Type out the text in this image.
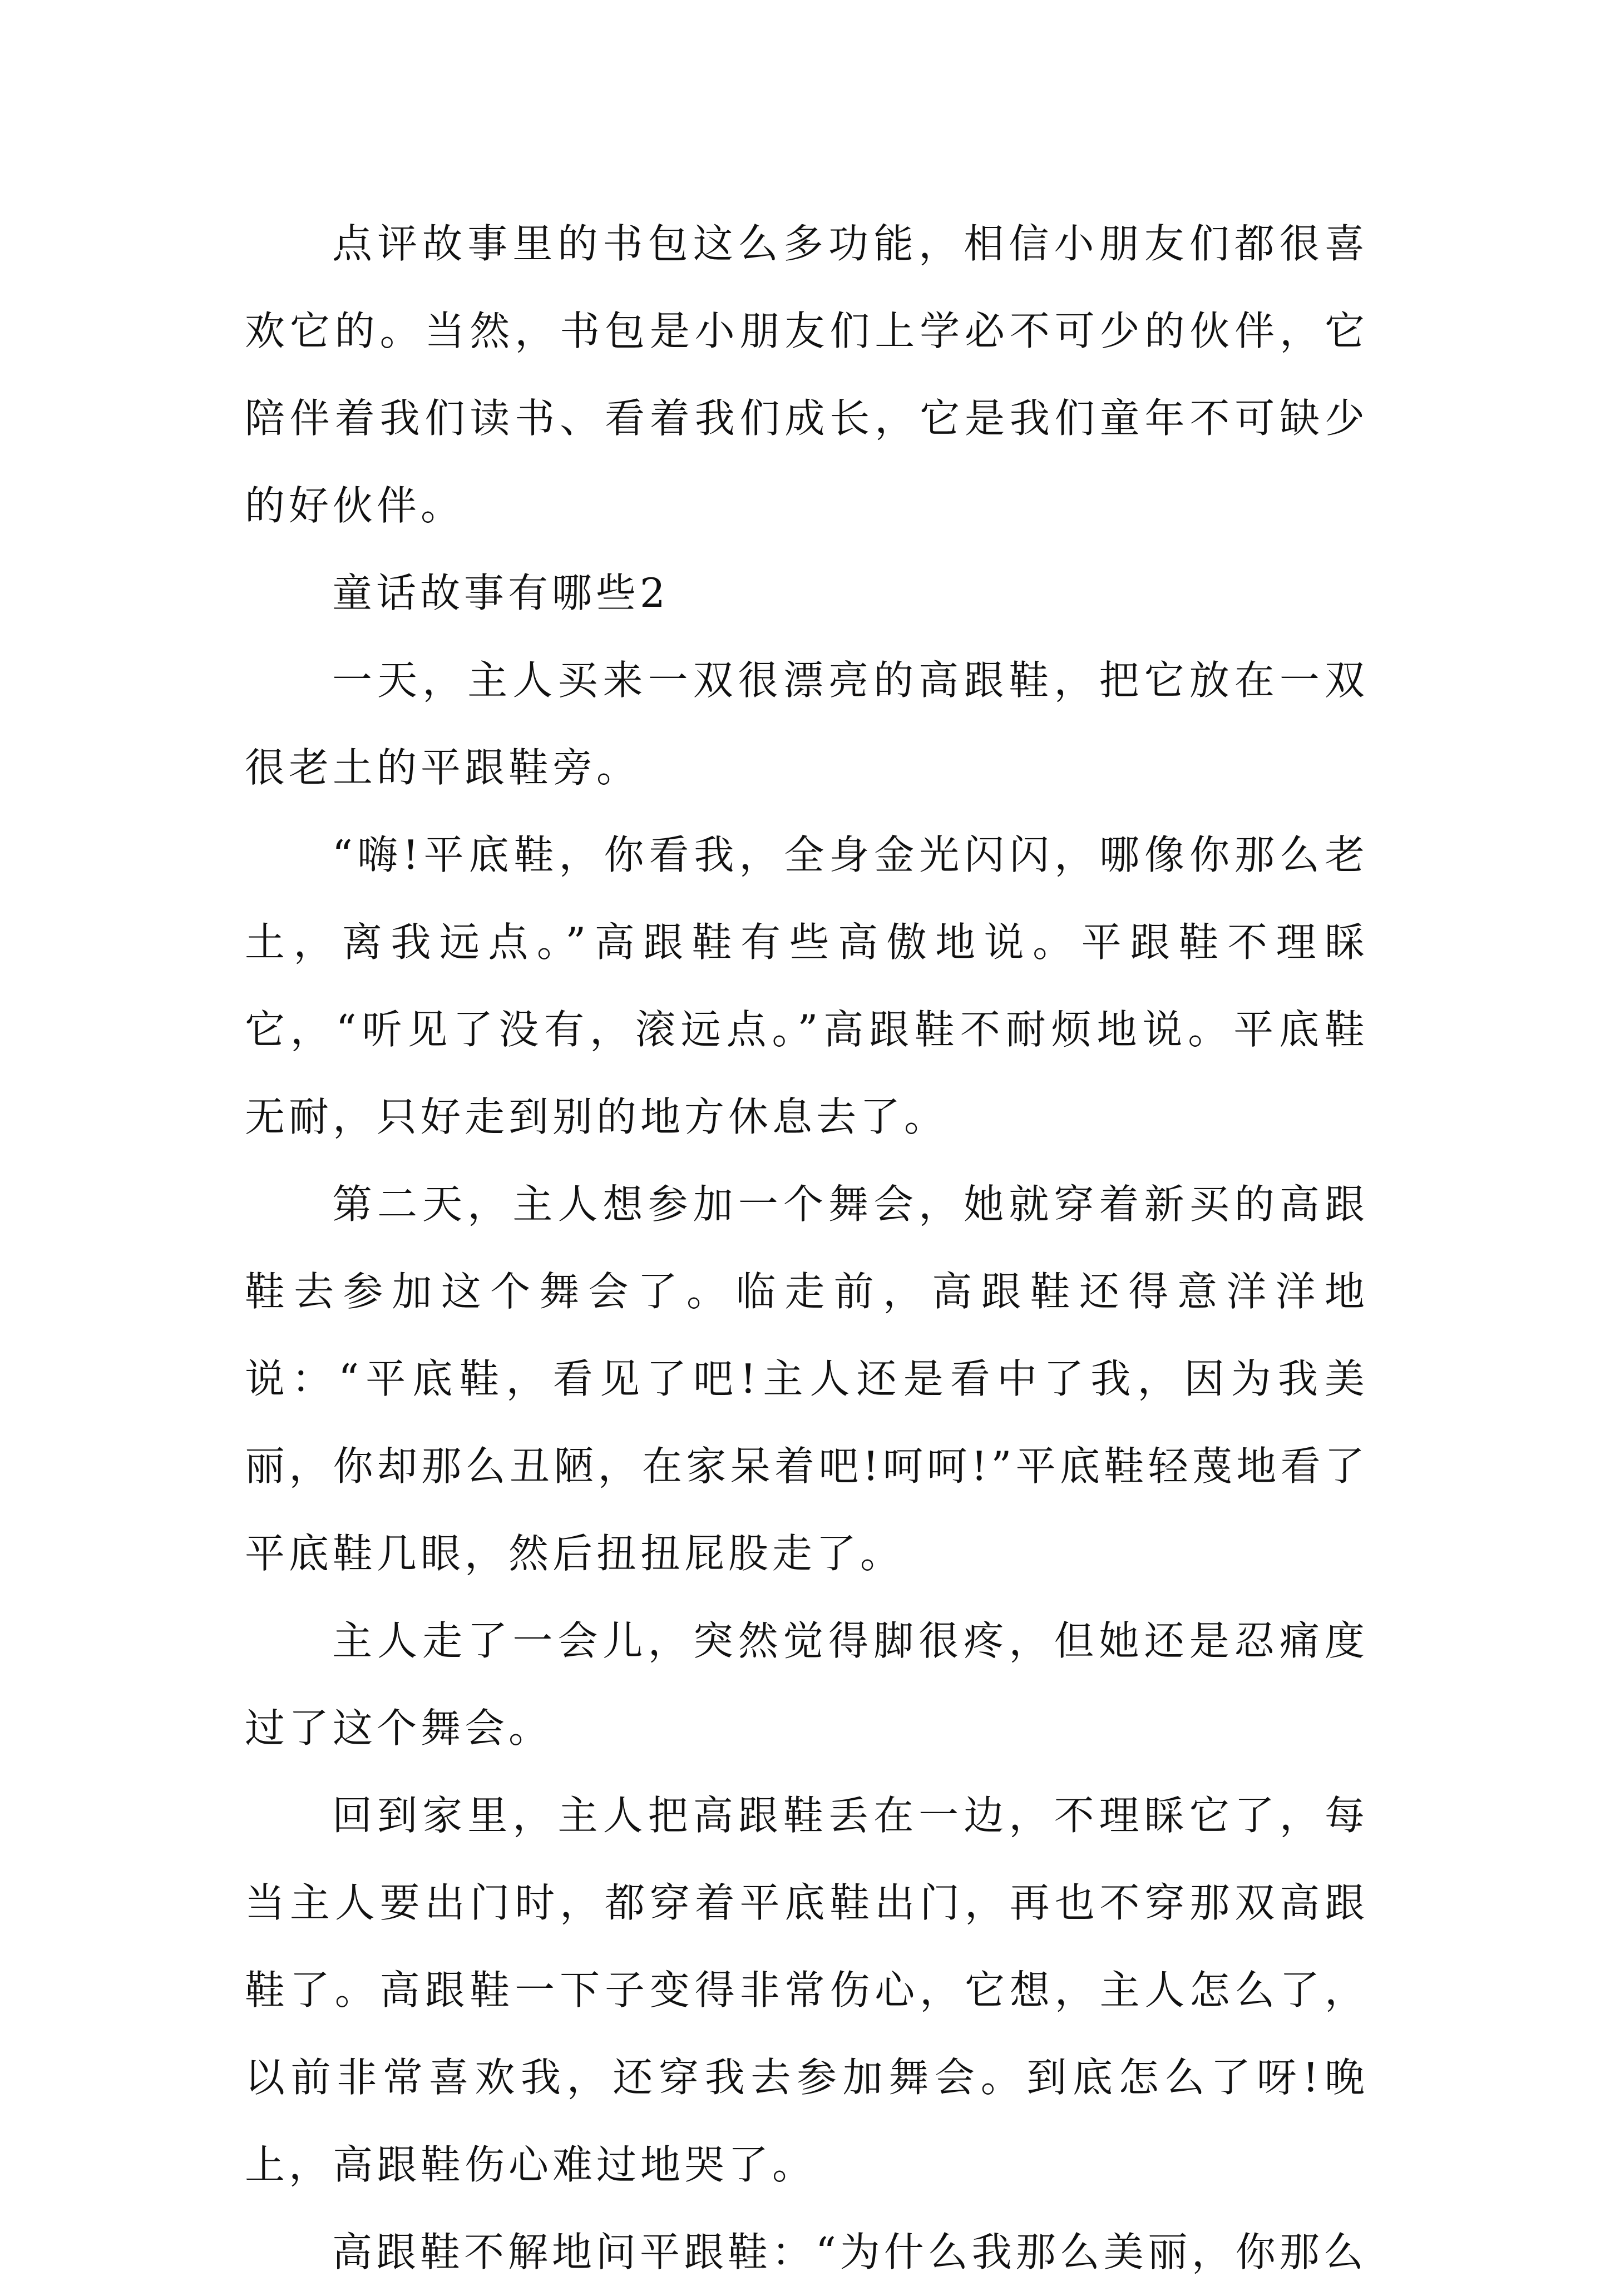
点评故事里的书包这么多功能，相信小朋友们都很喜欢它的。当然，书包是小朋友们上学必不可少的伙伴，它陪伴着我们读书、看着我们成长，它是我们童年不可缺少的好伙伴。

童话故事有哪些2

一天，主人买来一双很漂亮的高跟鞋，把它放在一双很老土的平跟鞋旁。

“嗨!平底鞋，你看我，全身金光闪闪，哪像你那么老土，离我远点。”高跟鞋有些高傲地说。平跟鞋不理睬它，“听见了没有，滚远点。”高跟鞋不耐烦地说。平底鞋无耐，只好走到别的地方休息去了。

第二天，主人想参加一个舞会，她就穿着新买的高跟鞋去参加这个舞会了。临走前，高跟鞋还得意洋洋地说：“平底鞋，看见了吧!主人还是看中了我，因为我美丽，你却那么丑陋，在家呆着吧!呵呵!”平底鞋轻蔑地看了平底鞋几眼，然后扭扭屁股走了。

主人走了一会儿，突然觉得脚很疼，但她还是忍痛度过了这个舞会。

回到家里，主人把高跟鞋丢在一边，不理睬它了，每当主人要出门时，都穿着平底鞋出门，再也不穿那双高跟鞋了。高跟鞋一下子变得非常伤心，它想，主人怎么了，以前非常喜欢我，还穿我去参加舞会。到底怎么了呀!晚上，高跟鞋伤心难过地哭了。

高跟鞋不解地问平跟鞋：“为什么我那么美丽，你那么
